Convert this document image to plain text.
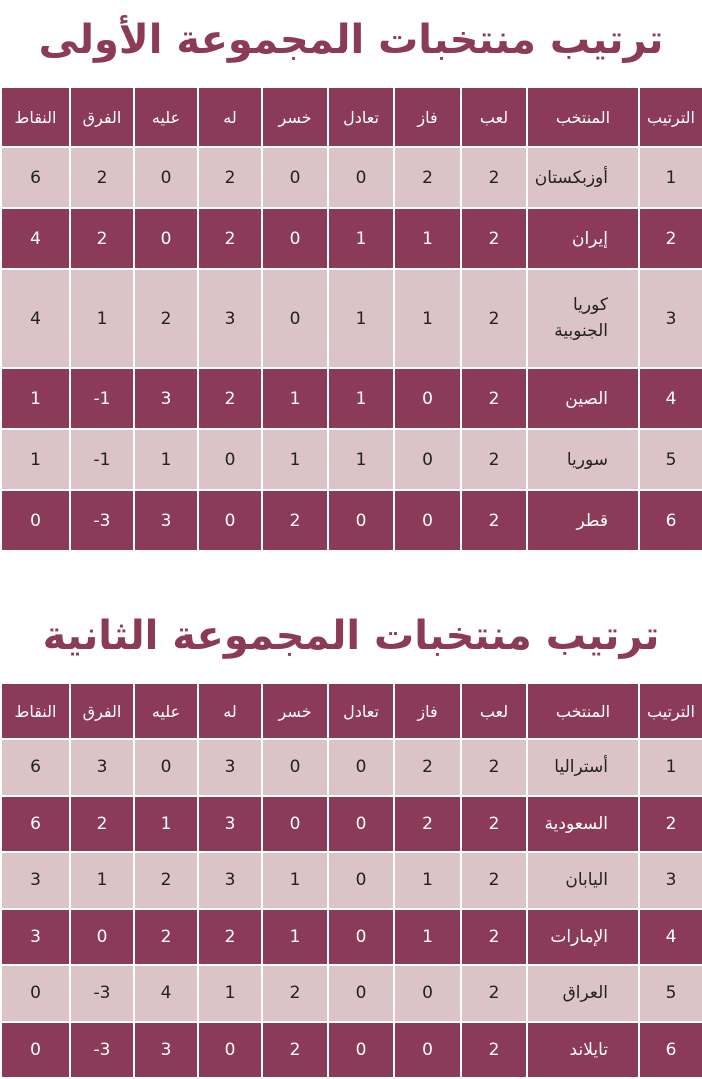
ترتيب منتخبات المجموعة الأولى
الترتيب	المنتخب	لعب	فاز	تعادل	خسر	له	عليه	الفرق	النقاط
1	أوزبكستان	2	2	0	0	2	0	2	6
2	إيران	2	1	1	0	2	0	2	4
3	كوريا الجنوبية	2	1	1	0	3	2	1	4
4	الصين	2	0	1	1	2	3	1-	1
5	سوريا	2	0	1	1	0	1	1-	1
6	قطر	2	0	0	2	0	3	3-	0
ترتيب منتخبات المجموعة الثانية
الترتيب	المنتخب	لعب	فاز	تعادل	خسر	له	عليه	الفرق	النقاط
1	أستراليا	2	2	0	0	3	0	3	6
2	السعودية	2	2	0	0	3	1	2	6
3	اليابان	2	1	0	1	3	2	1	3
4	الإمارات	2	1	0	1	2	2	0	3
5	العراق	2	0	0	2	1	4	3-	0
6	تايلاند	2	0	0	2	0	3	3-	0
